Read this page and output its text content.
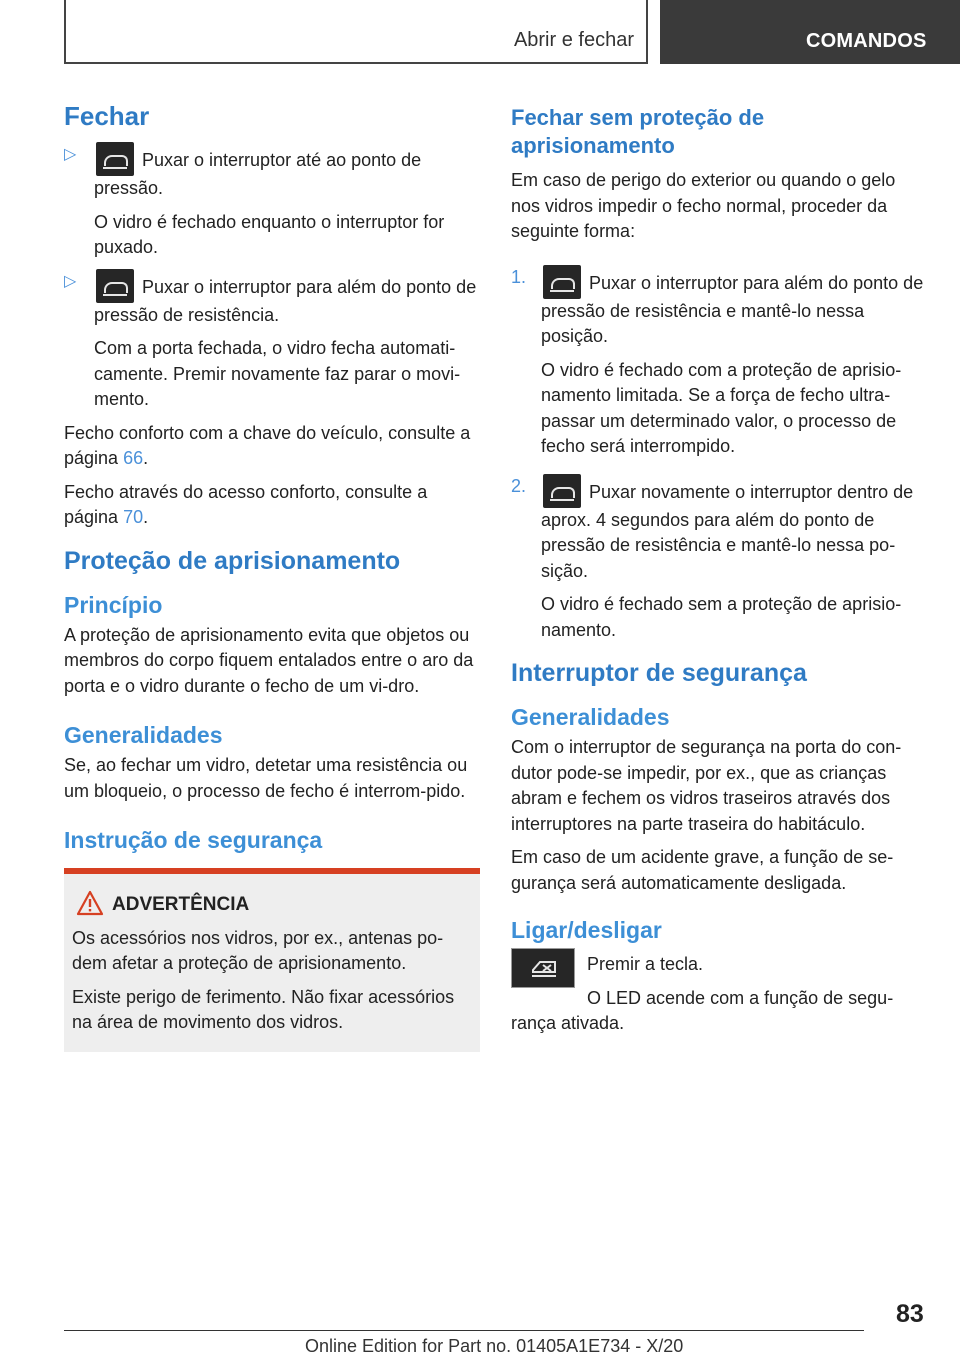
Abrir e fechar	COMANDOS
Fechar
▷	Puxar o interruptor até ao ponto de pressão.

O vidro é fechado enquanto o interruptor for puxado.

▷	Puxar o interruptor para além do ponto de pressão de resistência.

Com a porta fechada, o vidro fecha automati‐camente. Premir novamente faz parar o movi‐mento.

Fecho conforto com a chave do veículo, consulte a página 66.

Fecho através do acesso conforto, consulte a página 70.

Proteção de aprisionamento
Princípio

A proteção de aprisionamento evita que objetos ou membros do corpo fiquem entalados entre o aro da porta e o vidro durante o fecho de um vi‐dro.

Generalidades

Se, ao fechar um vidro, detetar uma resistência ou um bloqueio, o processo de fecho é interrom‐pido.

Instrução de segurança
ADVERTÊNCIA

Os acessórios nos vidros, por ex., antenas po‐dem afetar a proteção de aprisionamento.

Existe perigo de ferimento. Não fixar acessórios na área de movimento dos vidros.

Fechar sem proteção de aprisionamento

Em caso de perigo do exterior ou quando o gelo nos vidros impedir o fecho normal, proceder da seguinte forma:

1.	Puxar o interruptor para além do ponto de pressão de resistência e mantê-lo nessa posição.

O vidro é fechado com a proteção de aprisio‐namento limitada. Se a força de fecho ultra‐passar um determinado valor, o processo de fecho será interrompido.

2.	Puxar novamente o interruptor dentro de aprox. 4 segundos para além do ponto de pressão de resistência e mantê-lo nessa po‐sição.

O vidro é fechado sem a proteção de aprisio‐namento.

Interruptor de segurança
Generalidades

Com o interruptor de segurança na porta do con‐dutor pode-se impedir, por ex., que as crianças abram e fechem os vidros traseiros através dos interruptores na parte traseira do habitáculo.

Em caso de um acidente grave, a função de se‐gurança será automaticamente desligada.

Ligar/desligar

Premir a tecla.

O LED acende com a função de segu‐rança ativada.

83
Online Edition for Part no. 01405A1E734 - X/20
